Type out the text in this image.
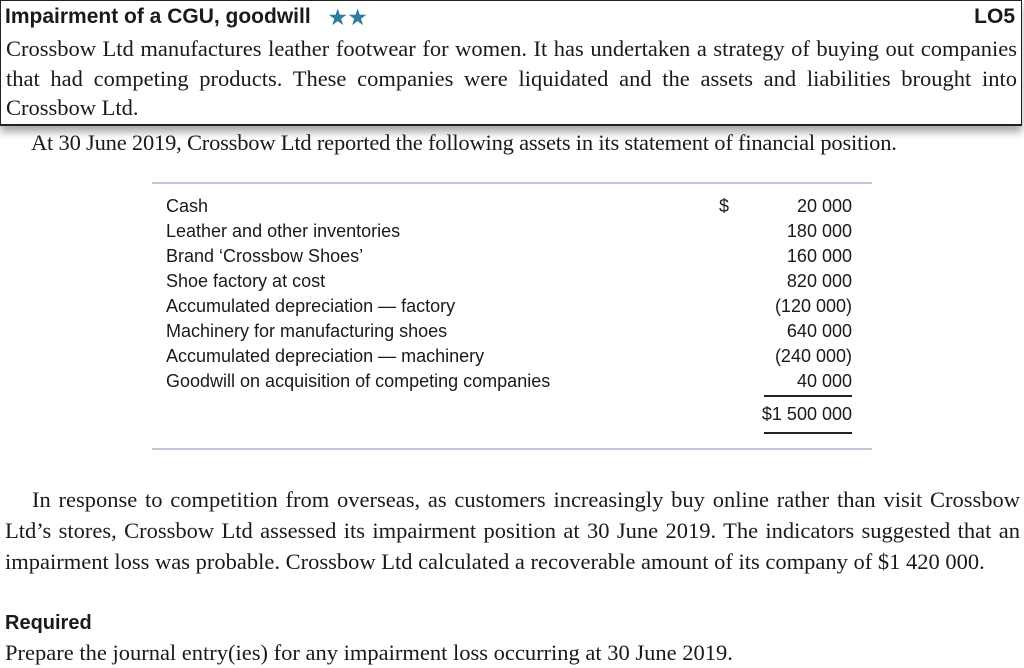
Impairment of a CGU, goodwill ★★	LO5
Crossbow Ltd manufactures leather footwear for women. It has undertaken a strategy of buying out companies that had competing products. These companies were liquidated and the assets and liabilities brought into Crossbow Ltd.
At 30 June 2019, Crossbow Ltd reported the following assets in its statement of financial position.
Cash	$	20 000
Leather and other inventories	180 000
Brand ‘Crossbow Shoes’	160 000
Shoe factory at cost	820 000
Accumulated depreciation — factory	(120 000)
Machinery for manufacturing shoes	640 000
Accumulated depreciation — machinery	(240 000)
Goodwill on acquisition of competing companies	40 000
$1 500 000
In response to competition from overseas, as customers increasingly buy online rather than visit Crossbow Ltd’s stores, Crossbow Ltd assessed its impairment position at 30 June 2019. The indicators suggested that an impairment loss was probable. Crossbow Ltd calculated a recoverable amount of its company of $1 420 000.
Required
Prepare the journal entry(ies) for any impairment loss occurring at 30 June 2019.
